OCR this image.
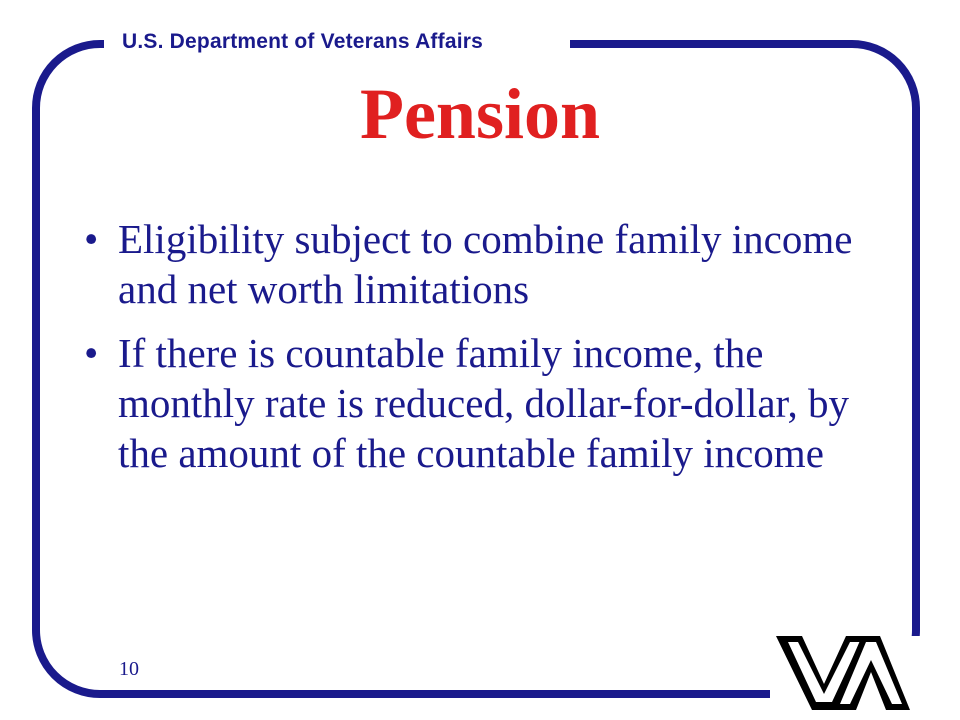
U.S. Department of Veterans Affairs
Pension
• Eligibility subject to combine family income and net worth limitations
• If there is countable family income, the monthly rate is reduced, dollar-for-dollar, by the amount of the countable family income
10
